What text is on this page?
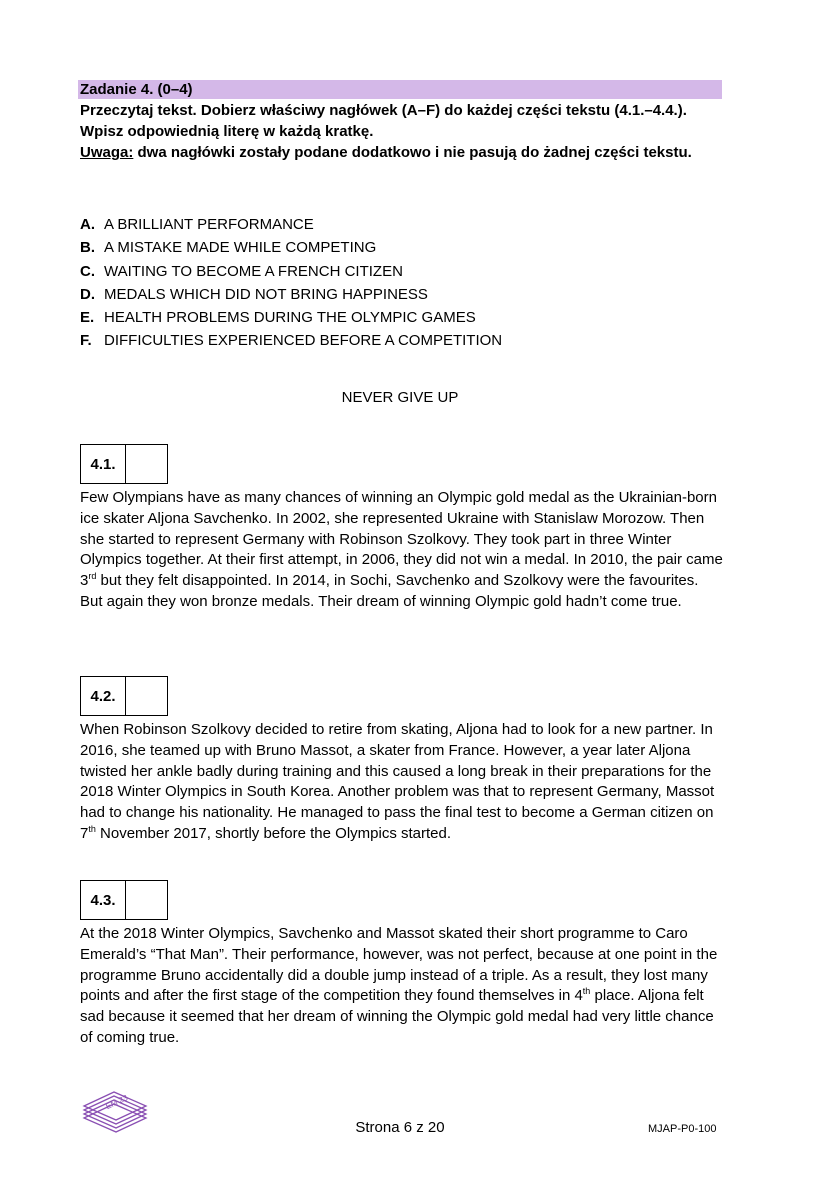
Zadanie 4. (0–4)
Przeczytaj tekst. Dobierz właściwy nagłówek (A–F) do każdej części tekstu (4.1.–4.4.).
Wpisz odpowiednią literę w każdą kratkę.
Uwaga: dwa nagłówki zostały podane dodatkowo i nie pasują do żadnej części tekstu.
A. A BRILLIANT PERFORMANCE
B. A MISTAKE MADE WHILE COMPETING
C. WAITING TO BECOME A FRENCH CITIZEN
D. MEDALS WHICH DID NOT BRING HAPPINESS
E. HEALTH PROBLEMS DURING THE OLYMPIC GAMES
F. DIFFICULTIES EXPERIENCED BEFORE A COMPETITION
NEVER GIVE UP
4.1.
Few Olympians have as many chances of winning an Olympic gold medal as the Ukrainian-born ice skater Aljona Savchenko. In 2002, she represented Ukraine with Stanislaw Morozow. Then she started to represent Germany with Robinson Szolkovy. They took part in three Winter Olympics together. At their first attempt, in 2006, they did not win a medal. In 2010, the pair came 3rd but they felt disappointed. In 2014, in Sochi, Savchenko and Szolkovy were the favourites. But again they won bronze medals. Their dream of winning Olympic gold hadn’t come true.
4.2.
When Robinson Szolkovy decided to retire from skating, Aljona had to look for a new partner. In 2016, she teamed up with Bruno Massot, a skater from France. However, a year later Aljona twisted her ankle badly during training and this caused a long break in their preparations for the 2018 Winter Olympics in South Korea. Another problem was that to represent Germany, Massot had to change his nationality. He managed to pass the final test to become a German citizen on 7th November 2017, shortly before the Olympics started.
4.3.
At the 2018 Winter Olympics, Savchenko and Massot skated their short programme to Caro Emerald’s “That Man”. Their performance, however, was not perfect, because at one point in the programme Bruno accidentally did a double jump instead of a triple. As a result, they lost many points and after the first stage of the competition they found themselves in 4th place. Aljona felt sad because it seemed that her dream of winning the Olympic gold medal had very little chance of coming true.
EM 23
Strona 6 z 20	MJAP-P0-100
